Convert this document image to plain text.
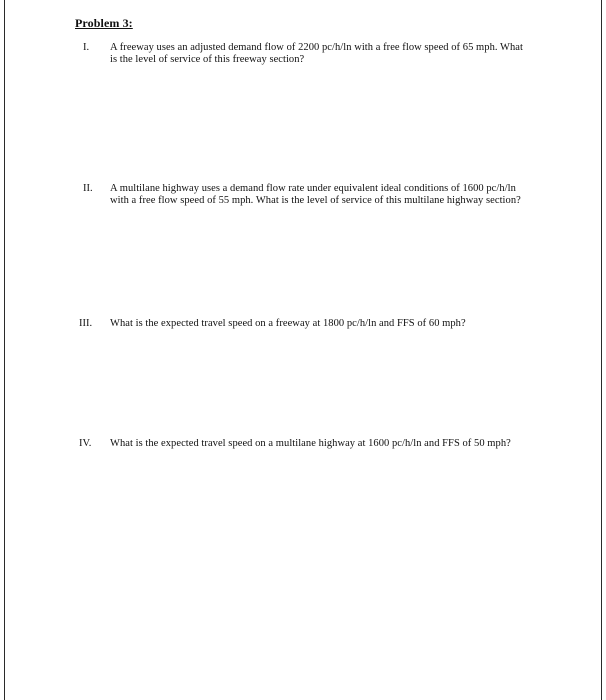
Problem 3:
I. A freeway uses an adjusted demand flow of 2200 pc/h/ln with a free flow speed of 65 mph. What is the level of service of this freeway section?
II. A multilane highway uses a demand flow rate under equivalent ideal conditions of 1600 pc/h/ln with a free flow speed of 55 mph. What is the level of service of this multilane highway section?
III. What is the expected travel speed on a freeway at 1800 pc/h/ln and FFS of 60 mph?
IV. What is the expected travel speed on a multilane highway at 1600 pc/h/ln and FFS of 50 mph?
